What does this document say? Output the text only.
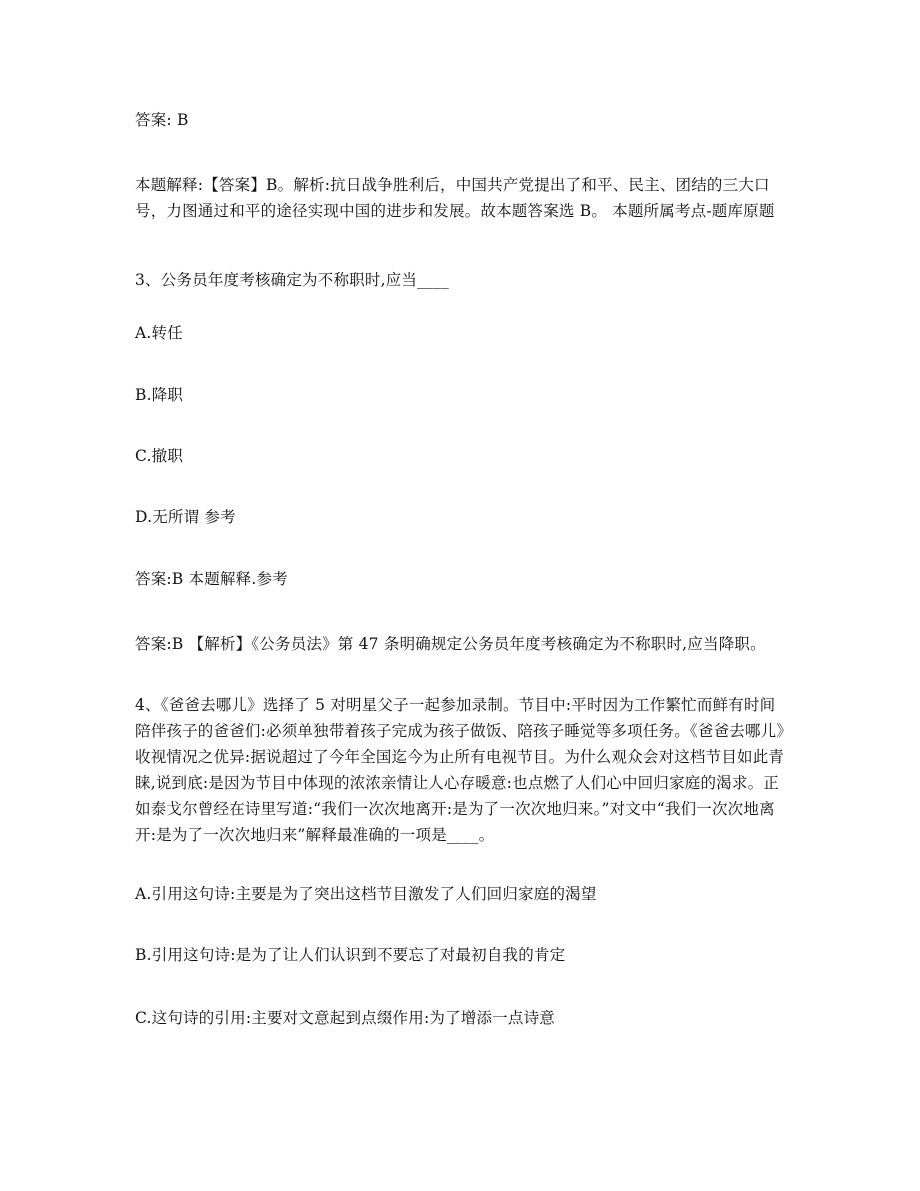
答案: B
本题解释:【答案】B。解析:抗日战争胜利后，中国共产党提出了和平、民主、团结的三大口号，力图通过和平的途径实现中国的进步和发展。故本题答案选 B。 本题所属考点-题库原题
3、公务员年度考核确定为不称职时,应当____
A.转任
B.降职
C.撤职
D.无所谓 参考
答案:B 本题解释.参考
答案:B 【解析】《公务员法》第 47 条明确规定公务员年度考核确定为不称职时,应当降职。
4、《爸爸去哪儿》选择了 5 对明星父子一起参加录制。节目中:平时因为工作繁忙而鲜有时间陪伴孩子的爸爸们:必须单独带着孩子完成为孩子做饭、陪孩子睡觉等多项任务。《爸爸去哪儿》收视情况之优异:据说超过了今年全国迄今为止所有电视节目。为什么观众会对这档节目如此青睐,说到底:是因为节目中体现的浓浓亲情让人心存暖意:也点燃了人们心中回归家庭的渴求。正如泰戈尔曾经在诗里写道:“我们一次次地离开:是为了一次次地归来。”对文中“我们一次次地离开:是为了一次次地归来”解释最准确的一项是____。
A.引用这句诗:主要是为了突出这档节目激发了人们回归家庭的渴望
B.引用这句诗:是为了让人们认识到不要忘了对最初自我的肯定
C.这句诗的引用:主要对文意起到点缀作用:为了增添一点诗意
